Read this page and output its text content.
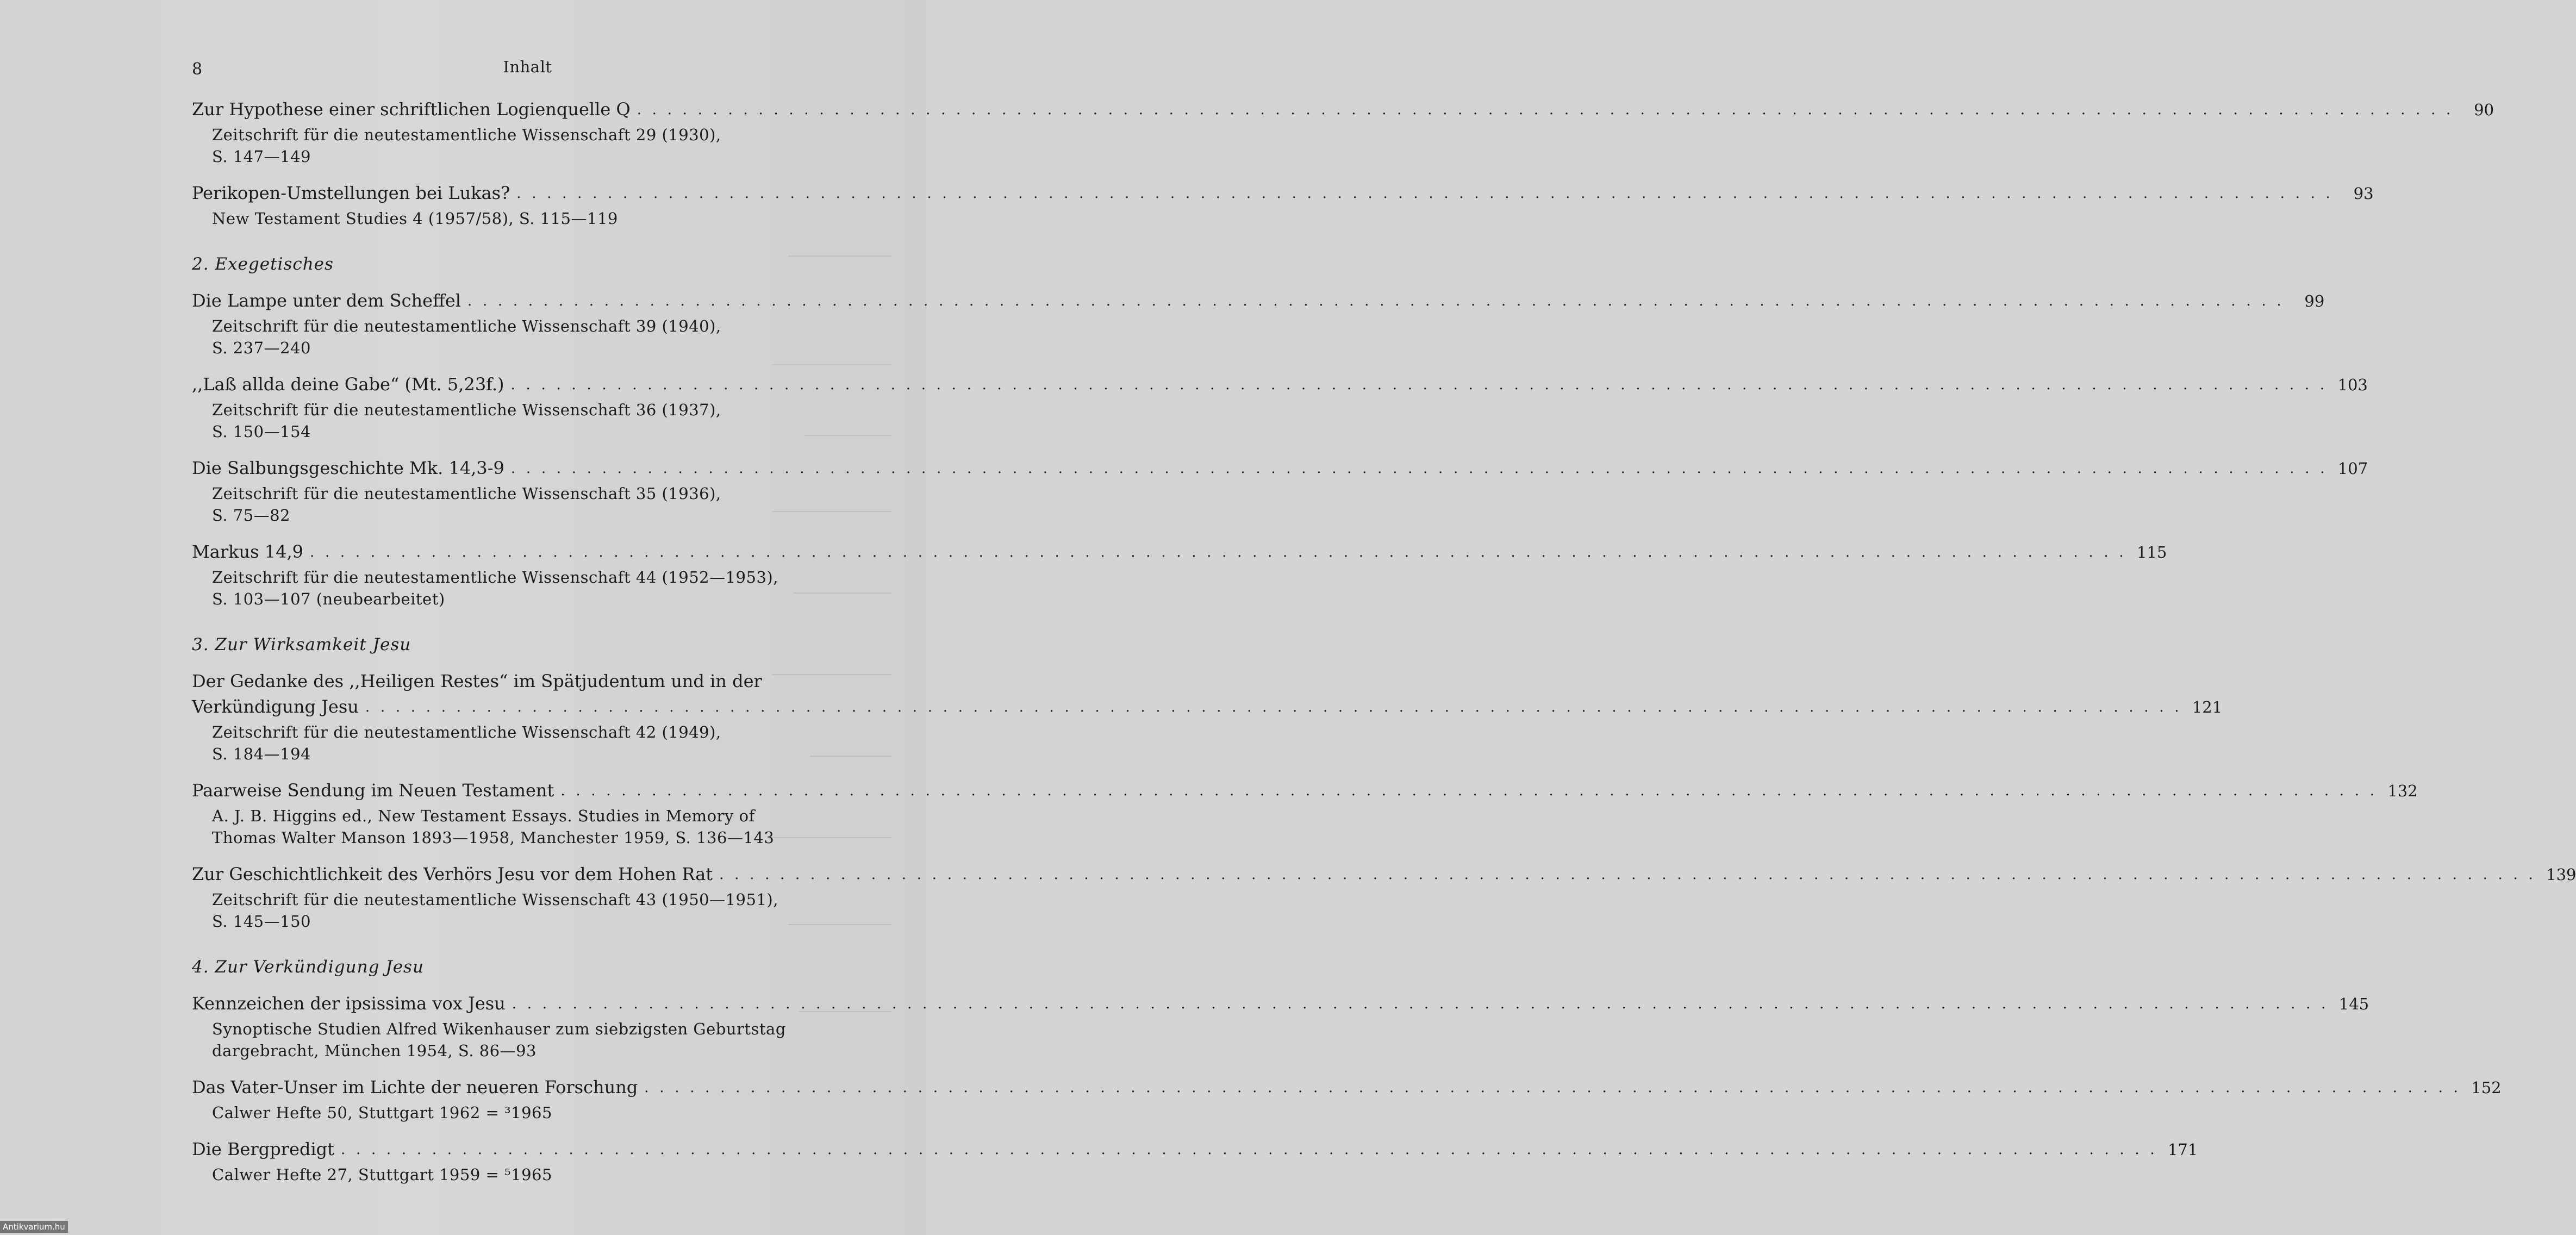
8	Inhalt
Zur Hypothese einer schriftlichen Logienquelle Q . . . . . . . . . . . . . . . . . . . . . . . . . . . . . . . . . . . . . . . . . . . . . . . . . . . . . . . . . . . . . . . . . . . . . . . . . . . . . . . . . . . . . . . . . . . . . . . . . . . . . . . . . . . . . . . . . . . . . . . .	90
Zeitschrift für die neutestamentliche Wissenschaft 29 (1930),
S. 147—149
Perikopen-Umstellungen bei Lukas? . . . . . . . . . . . . . . . . . . . . . . . . . . . . . . . . . . . . . . . . . . . . . . . . . . . . . . . . . . . . . . . . . . . . . . . . . . . . . . . . . . . . . . . . . . . . . . . . . . . . . . . . . . . . . . . . . . . . . . . .	93
New Testament Studies 4 (1957/58), S. 115—119
2. Exegetisches
Die Lampe unter dem Scheffel . . . . . . . . . . . . . . . . . . . . . . . . . . . . . . . . . . . . . . . . . . . . . . . . . . . . . . . . . . . . . . . . . . . . . . . . . . . . . . . . . . . . . . . . . . . . . . . . . . . . . . . . . . . . . . . . . . . . . . . .	99
Zeitschrift für die neutestamentliche Wissenschaft 39 (1940),
S. 237—240
,,Laß allda deine Gabe“ (Mt. 5,23f.) . . . . . . . . . . . . . . . . . . . . . . . . . . . . . . . . . . . . . . . . . . . . . . . . . . . . . . . . . . . . . . . . . . . . . . . . . . . . . . . . . . . . . . . . . . . . . . . . . . . . . . . . . . . . . . . . . . . . . . . . 103
Zeitschrift für die neutestamentliche Wissenschaft 36 (1937),
S. 150—154
Die Salbungsgeschichte Mk. 14,3-9 . . . . . . . . . . . . . . . . . . . . . . . . . . . . . . . . . . . . . . . . . . . . . . . . . . . . . . . . . . . . . . . . . . . . . . . . . . . . . . . . . . . . . . . . . . . . . . . . . . . . . . . . . . . . . . . . . . . . . . . . 107
Zeitschrift für die neutestamentliche Wissenschaft 35 (1936),
S. 75—82
Markus 14,9 . . . . . . . . . . . . . . . . . . . . . . . . . . . . . . . . . . . . . . . . . . . . . . . . . . . . . . . . . . . . . . . . . . . . . . . . . . . . . . . . . . . . . . . . . . . . . . . . . . . . . . . . . . . . . . . . . . . . . . . . 115
Zeitschrift für die neutestamentliche Wissenschaft 44 (1952—1953),
S. 103—107 (neubearbeitet)
3. Zur Wirksamkeit Jesu
Der Gedanke des ,,Heiligen Restes“ im Spätjudentum und in der
Verkündigung Jesu . . . . . . . . . . . . . . . . . . . . . . . . . . . . . . . . . . . . . . . . . . . . . . . . . . . . . . . . . . . . . . . . . . . . . . . . . . . . . . . . . . . . . . . . . . . . . . . . . . . . . . . . . . . . . . . . . . . . . . . . 121
Zeitschrift für die neutestamentliche Wissenschaft 42 (1949),
S. 184—194
Paarweise Sendung im Neuen Testament . . . . . . . . . . . . . . . . . . . . . . . . . . . . . . . . . . . . . . . . . . . . . . . . . . . . . . . . . . . . . . . . . . . . . . . . . . . . . . . . . . . . . . . . . . . . . . . . . . . . . . . . . . . . . . . . . . . . . . . . 132
A. J. B. Higgins ed., New Testament Essays. Studies in Memory of
Thomas Walter Manson 1893—1958, Manchester 1959, S. 136—143
Zur Geschichtlichkeit des Verhörs Jesu vor dem Hohen Rat . . . . . . . . . . . . . . . . . . . . . . . . . . . . . . . . . . . . . . . . . . . . . . . . . . . . . . . . . . . . . . . . . . . . . . . . . . . . . . . . . . . . . . . . . . . . . . . . . . . . . . . . . . . . . . . . . . . . . . . . 139
Zeitschrift für die neutestamentliche Wissenschaft 43 (1950—1951),
S. 145—150
4. Zur Verkündigung Jesu
Kennzeichen der ipsissima vox Jesu . . . . . . . . . . . . . . . . . . . . . . . . . . . . . . . . . . . . . . . . . . . . . . . . . . . . . . . . . . . . . . . . . . . . . . . . . . . . . . . . . . . . . . . . . . . . . . . . . . . . . . . . . . . . . . . . . . . . . . . . 145
Synoptische Studien Alfred Wikenhauser zum siebzigsten Geburtstag
dargebracht, München 1954, S. 86—93
Das Vater-Unser im Lichte der neueren Forschung . . . . . . . . . . . . . . . . . . . . . . . . . . . . . . . . . . . . . . . . . . . . . . . . . . . . . . . . . . . . . . . . . . . . . . . . . . . . . . . . . . . . . . . . . . . . . . . . . . . . . . . . . . . . . . . . . . . . . . . . 152
Calwer Hefte 50, Stuttgart 1962 = ³1965
Die Bergpredigt . . . . . . . . . . . . . . . . . . . . . . . . . . . . . . . . . . . . . . . . . . . . . . . . . . . . . . . . . . . . . . . . . . . . . . . . . . . . . . . . . . . . . . . . . . . . . . . . . . . . . . . . . . . . . . . . . . . . . . . . 171
Calwer Hefte 27, Stuttgart 1959 = ⁵1965
Antikvarium.hu
